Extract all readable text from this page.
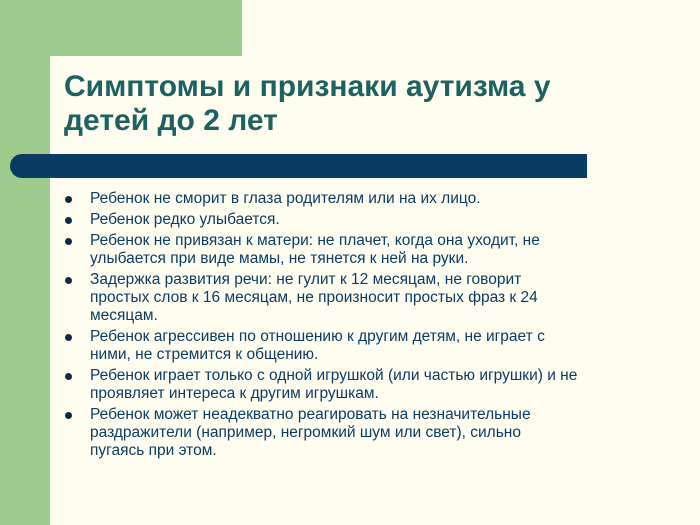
Симптомы и признаки аутизма у
детей до 2 лет
Ребенок не сморит в глаза родителям или на их лицо.
Ребенок редко улыбается.
Ребенок не привязан к матери: не плачет, когда она уходит, не
улыбается при виде мамы, не тянется к ней на руки.
Задержка развития речи: не гулит к 12 месяцам, не говорит
простых слов к 16 месяцам, не произносит простых фраз к 24
месяцам.
Ребенок агрессивен по отношению к другим детям, не играет с
ними, не стремится к общению.
Ребенок играет только с одной игрушкой (или частью игрушки) и не
проявляет интереса к другим игрушкам.
Ребенок может неадекватно реагировать на незначительные
раздражители (например, негромкий шум или свет), сильно
пугаясь при этом.
